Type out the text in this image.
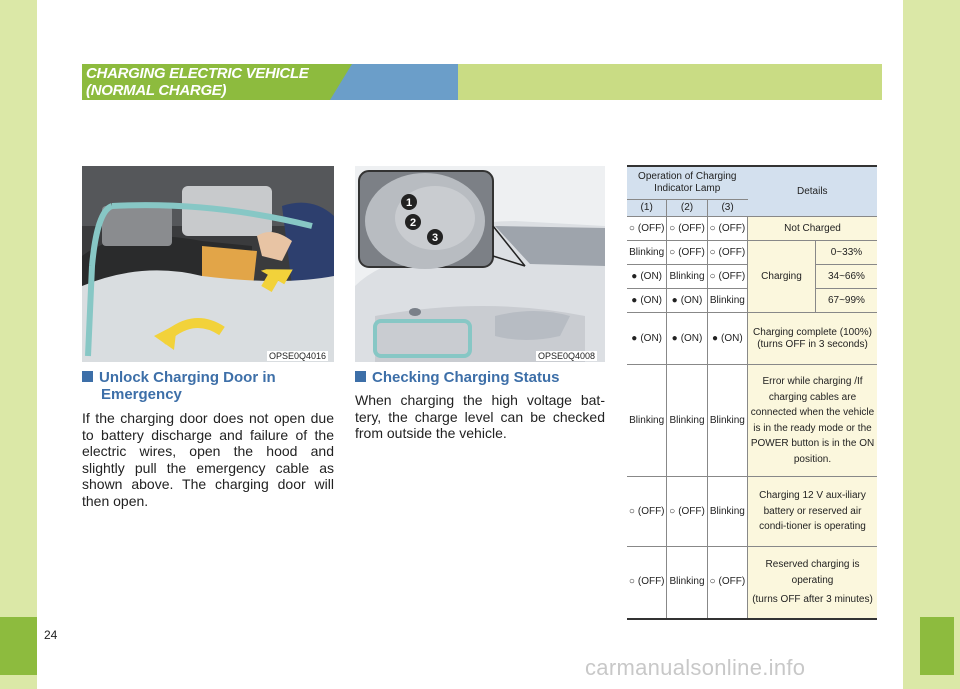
CHARGING ELECTRIC VEHICLE
(NORMAL CHARGE)
OPSE0Q4016
1
2
3
OPSE0Q4008
Unlock Charging Door in
Emergency
Checking Charging Status
If the charging door does not open due to battery discharge and failure of the electric wires, open the hood and slightly pull the emergency cable as shown above. The charging door will then open.
When charging the high voltage bat-tery, the charge level can be checked from outside the vehicle.
Operation of Charging Indicator Lamp			Details	
(1)	(2)	(3)		
○ (OFF)	○ (OFF)	○ (OFF)	Not Charged	
Blinking	○ (OFF)	○ (OFF)	Charging	0~33%
● (ON)	Blinking	○ (OFF)		34~66%
● (ON)	● (ON)	Blinking		67~99%
● (ON)	● (ON)	● (ON)	Charging complete (100%)(turns OFF in 3 seconds)	
Blinking	Blinking	Blinking	Error while charging /If charging cables are connected when the vehicle is in the ready mode or the POWER button is in the ON position.	
○ (OFF)	○ (OFF)	Blinking	Charging 12 V aux-iliary battery or reserved air condi-tioner is operating	
○ (OFF)	Blinking	○ (OFF)	Reserved charging is operating
(turns OFF after 3 minutes)	
24
carmanualsonline.info
